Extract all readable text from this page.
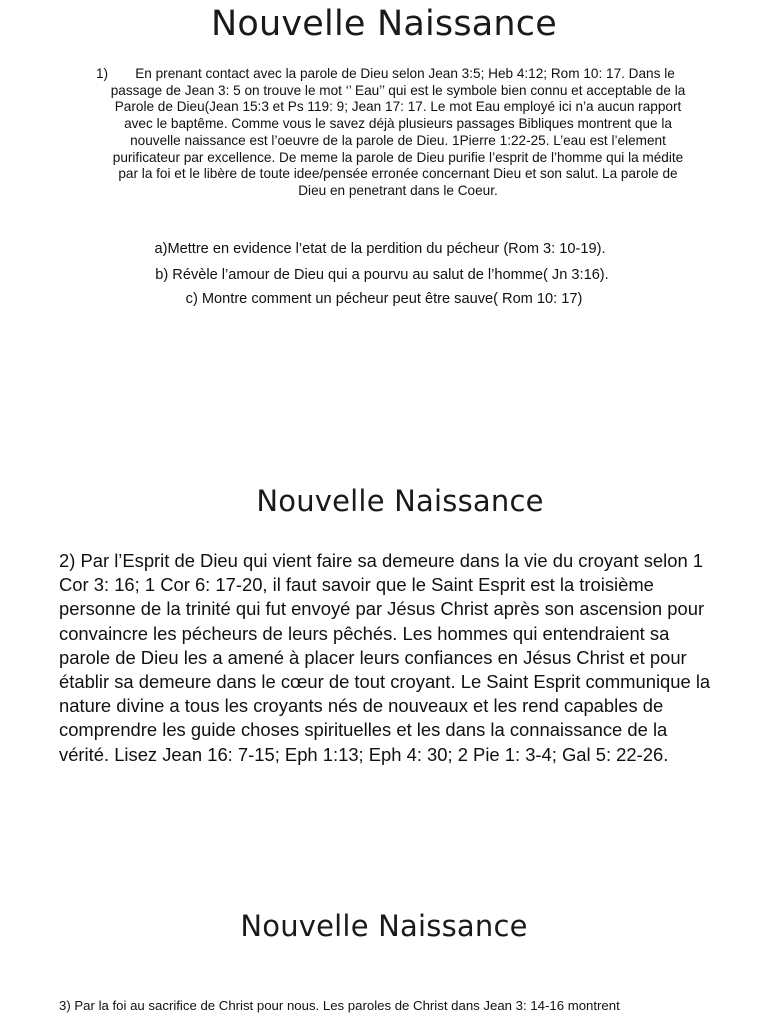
Nouvelle Naissance
1)	En prenant contact avec la parole de Dieu selon Jean 3:5; Heb 4:12; Rom 10: 17. Dans le passage de Jean 3: 5 on trouve le mot ‘’ Eau’’ qui est le symbole bien connu et acceptable de la Parole de Dieu(Jean 15:3 et Ps 119: 9; Jean 17: 17. Le mot Eau employé ici n’a aucun rapport avec le baptême. Comme vous le savez déjà plusieurs passages Bibliques montrent que la nouvelle naissance est l’oeuvre de la parole de Dieu. 1Pierre 1:22-25. L’eau est l’element purificateur par excellence. De meme la parole de Dieu purifie l’esprit de l’homme qui la médite par la foi et le libère de toute idee/pensée erronée concernant Dieu et son salut. La parole de Dieu en penetrant dans le Coeur.

a)Mettre en evidence l’etat de la perdition du pécheur (Rom 3: 10-19).

b) Révèle l’amour de Dieu qui a pourvu au salut de l’homme( Jn 3:16).

c) Montre comment un pécheur peut être sauve( Rom 10: 17)

Nouvelle Naissance

2) Par l’Esprit de Dieu qui vient faire sa demeure dans la vie du croyant selon 1 Cor 3: 16; 1 Cor 6: 17-20, il faut savoir que le Saint Esprit est la troisième personne de la trinité qui fut envoyé par Jésus Christ après son ascension pour convaincre les pécheurs de leurs pêchés. Les hommes qui entendraient sa parole de Dieu les a amené à placer leurs confiances en Jésus Christ et pour établir sa demeure dans le cœur de tout croyant. Le Saint Esprit communique la nature divine a tous les croyants nés de nouveaux et les rend capables de comprendre les guide choses spirituelles et les dans la connaissance de la vérité. Lisez Jean 16: 7-15; Eph 1:13; Eph 4: 30; 2 Pie 1: 3-4; Gal 5: 22-26.

Nouvelle Naissance

3) Par la foi au sacrifice de Christ pour nous. Les paroles de Christ dans Jean 3: 14-16 montrent
